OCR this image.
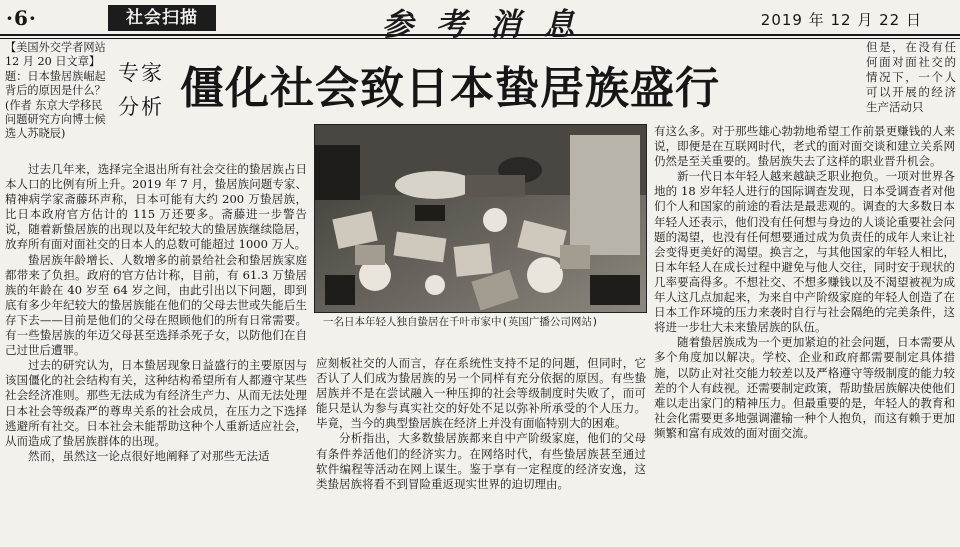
·6·	社会扫描	参 考 消 息	2019 年 12 月 22 日
【美国外交学者网站 12 月 20 日文章】题：日本蛰居族崛起背后的原因是什么？(作者 东京大学移民问题研究方向博士候选人苏晓辰)
专家
分析 僵化社会致日本蛰居族盛行
但是，在没有任何面对面社交的情况下，一个人可以开展的经济生产活动只
一名日本年轻人独自蛰居在千叶市家中(英国广播公司网站)

过去几年来，选择完全退出所有社会交往的蛰居族占日本人口的比例有所上升。2019 年 7 月，蛰居族问题专家、精神病学家斋藤环声称，日本可能有大约 200 万蛰居族，比日本政府官方估计的 115 万还要多。斋藤进一步警告说，随着新蛰居族的出现以及年纪较大的蛰居族继续隐居，放弃所有面对面社交的日本人的总数可能超过 1000 万人。

蛰居族年龄增长、人数增多的前景给社会和蛰居族家庭都带来了负担。政府的官方估计称，目前，有 61.3 万蛰居族的年龄在 40 岁至 64 岁之间，由此引出以下问题，即到底有多少年纪较大的蛰居族能在他们的父母去世或失能后生存下去——目前是他们的父母在照顾他们的所有日常需要。有一些蛰居族的年迈父母甚至选择杀死子女，以防他们在自己过世后遭罪。

过去的研究认为，日本蛰居现象日益盛行的主要原因与该国僵化的社会结构有关，这种结构希望所有人都遵守某些社会经济准则。那些无法成为有经济生产力、从而无法处理日本社会等级森严的尊卑关系的社会成员，在压力之下选择逃避所有社交。日本社会未能帮助这种个人重新适应社会，从而造成了蛰居族群体的出现。

然而，虽然这一论点很好地阐释了对那些无法适

应刻板社交的人而言，存在系统性支持不足的问题，但同时，它否认了人们成为蛰居族的另一个同样有充分依据的原因。有些蛰居族并不是在尝试融入一种压抑的社会等级制度时失败了，而可能只是认为参与真实社交的好处不足以弥补所承受的个人压力。毕竟，当今的典型蛰居族在经济上并没有面临特别大的困难。

分析指出，大多数蛰居族都来自中产阶级家庭，他们的父母有条件养活他们的经济实力。在网络时代，有些蛰居族甚至通过软件编程等活动在网上谋生。鉴于享有一定程度的经济安逸，这类蛰居族将看不到冒险重返现实世界的迫切理由。

有这么多。对于那些雄心勃勃地希望工作前景更赚钱的人来说，即便是在互联网时代，老式的面对面交谈和建立关系网仍然是至关重要的。蛰居族失去了这样的职业晋升机会。

新一代日本年轻人越来越缺乏职业抱负。一项对世界各地的 18 岁年轻人进行的国际调查发现，日本受调查者对他们个人和国家的前途的看法是最悲观的。调查的大多数日本年轻人还表示，他们没有任何想与身边的人谈论重要社会问题的渴望，也没有任何想要通过成为负责任的成年人来让社会变得更美好的渴望。换言之，与其他国家的年轻人相比，日本年轻人在成长过程中避免与他人交往，同时安于现状的几率要高得多。不想社交、不想多赚钱以及不渴望被视为成年人这几点加起来，为来自中产阶级家庭的年轻人创造了在日本工作环境的压力来袭时自行与社会隔绝的完美条件，这将进一步壮大未来蛰居族的队伍。

随着蛰居族成为一个更加紧迫的社会问题，日本需要从多个角度加以解决。学校、企业和政府都需要制定具体措施，以防止对社交能力较差以及严格遵守等级制度的能力较差的个人有歧视。还需要制定政策，帮助蛰居族解决使他们难以走出家门的精神压力。但最重要的是，年轻人的教育和社会化需要更多地强调灌输一种个人抱负，而这有赖于更加频繁和富有成效的面对面交流。
